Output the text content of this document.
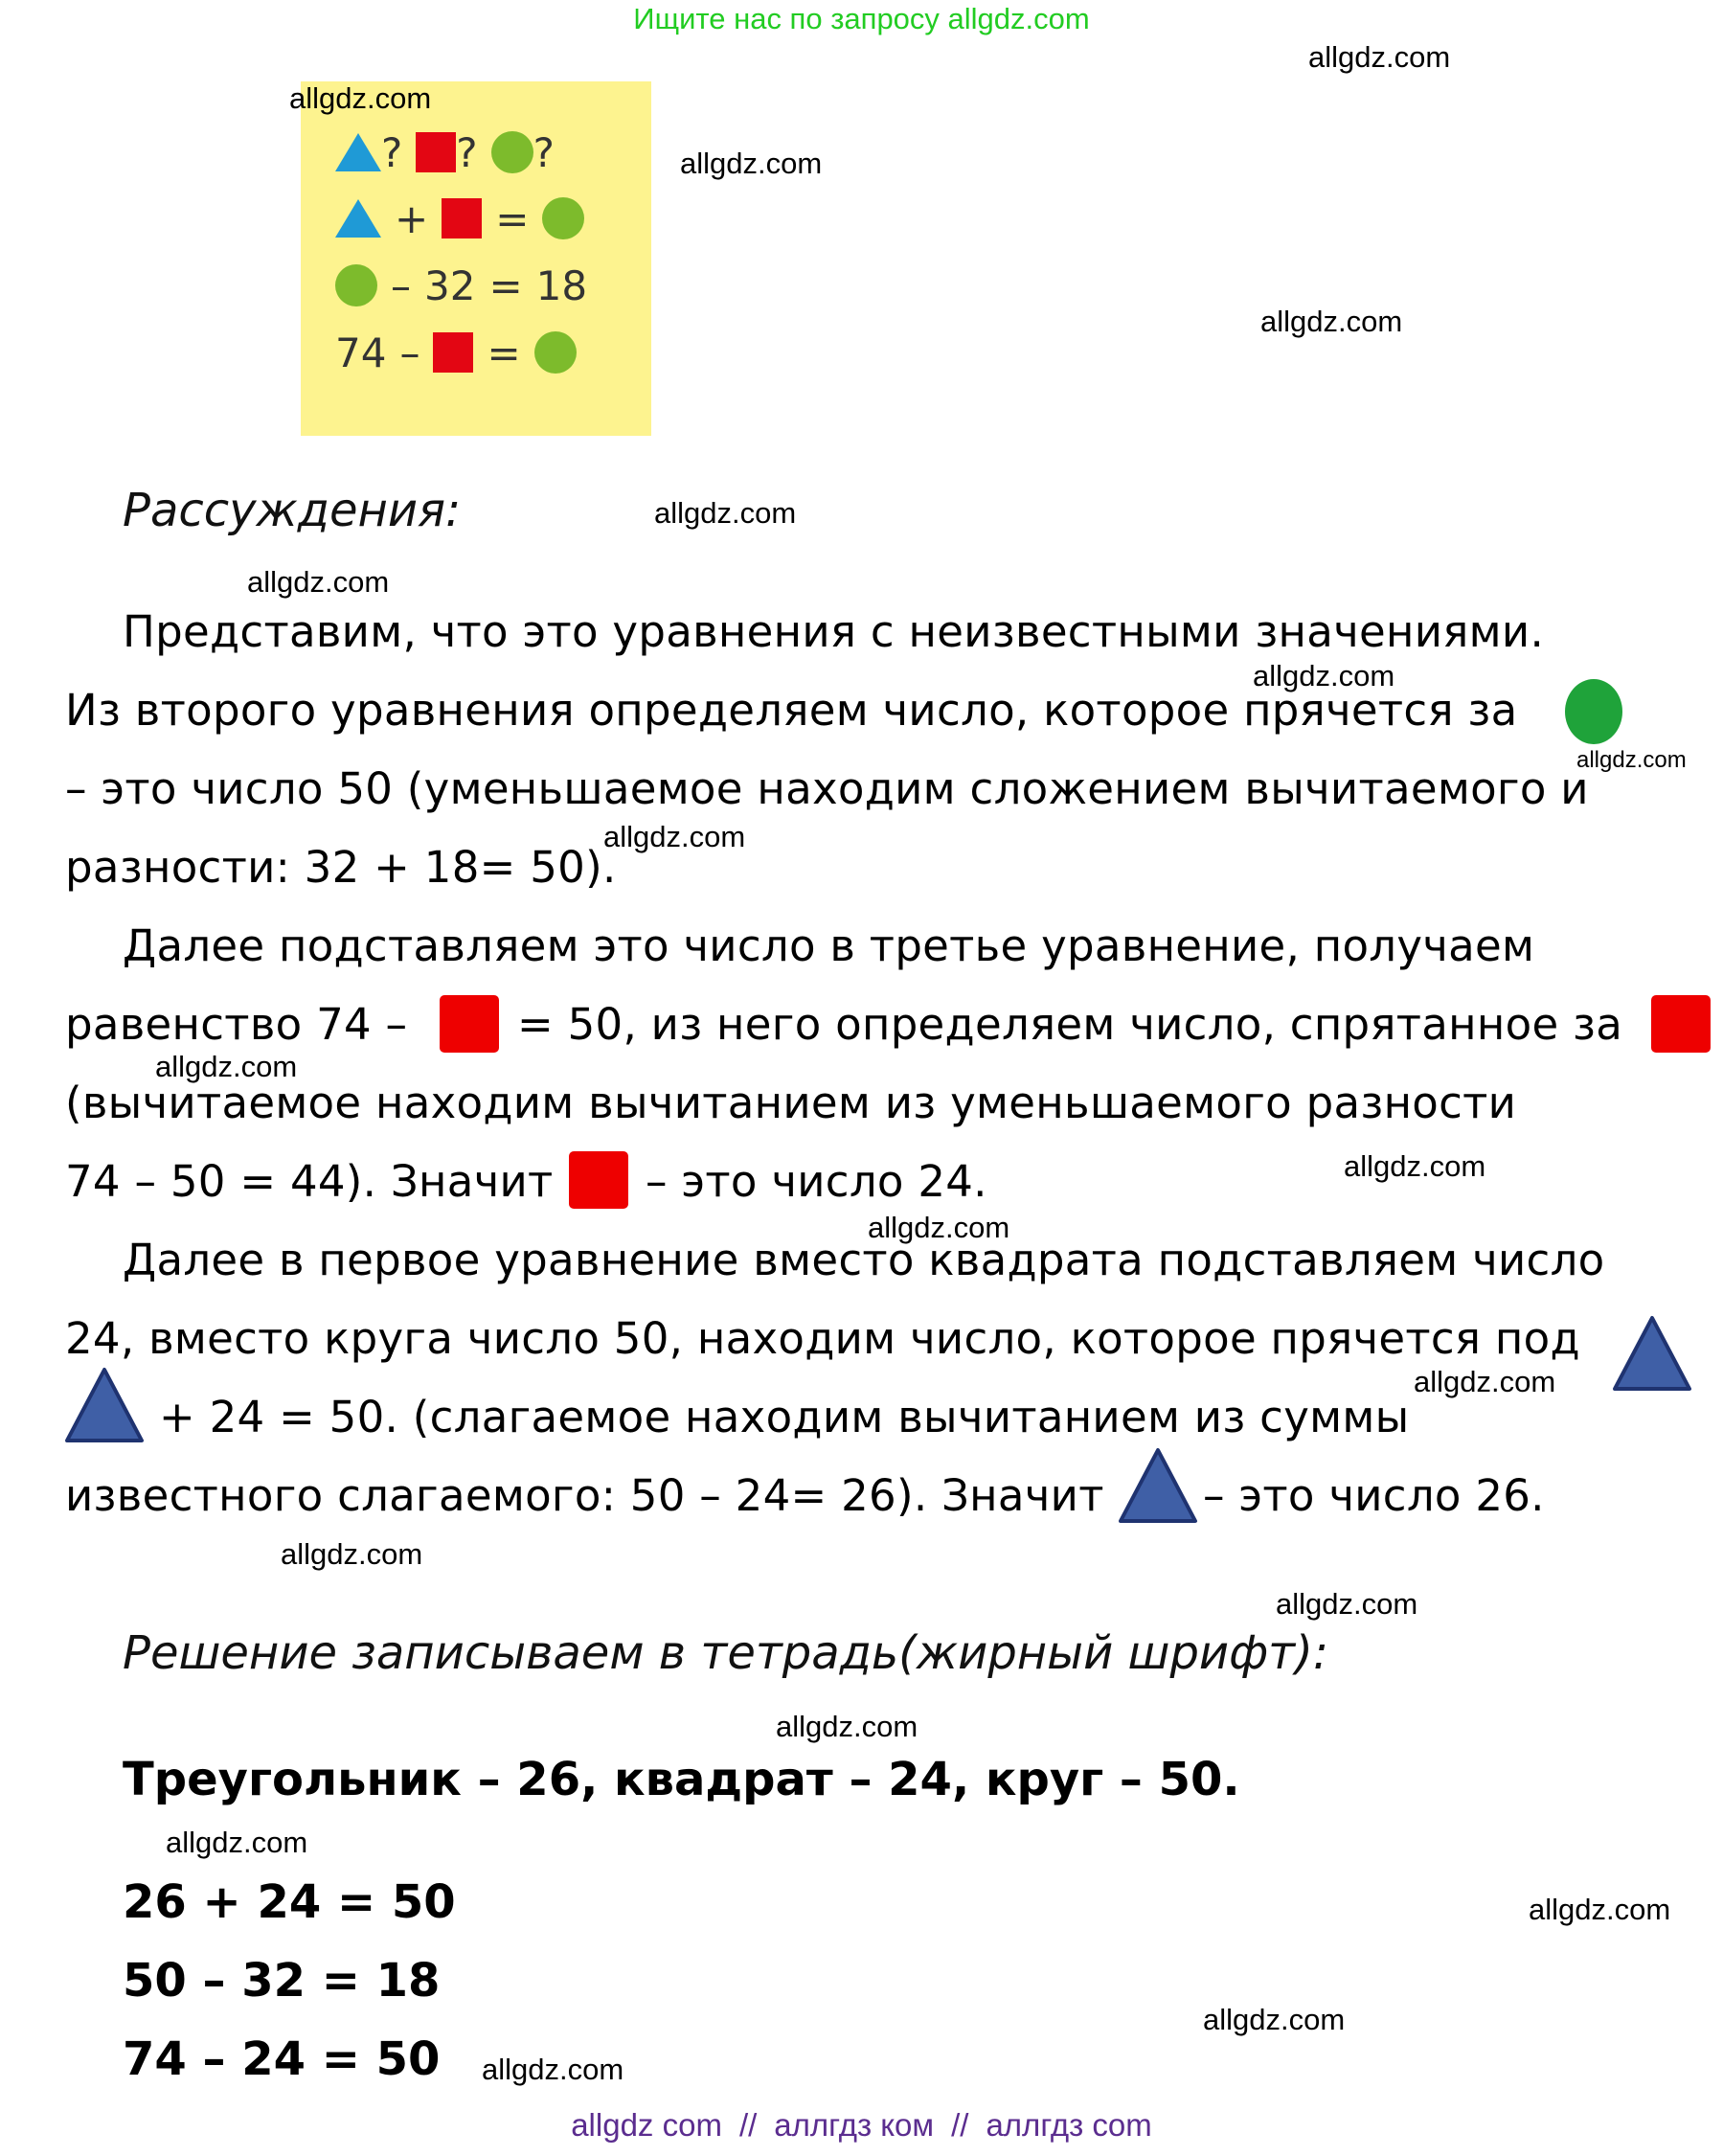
Ищите нас по запросу allgdz.com
allgdz.com
allgdz.com
allgdz.com
allgdz.com
allgdz.com
allgdz.com
allgdz.com
allgdz.com
allgdz.com
allgdz.com
allgdz.com
allgdz.com
allgdz.com
allgdz.com
allgdz.com
allgdz.com
allgdz.com
allgdz.com
allgdz.com
allgdz.com
? ? ?
+ =
– 32 = 18
74 – =
Рассуждения:
Представим, что это уравнения с неизвестными значениями.
Из второго уравнения определяем число, которое прячется за
– это число 50 (уменьшаемое находим сложением вычитаемого и
разности: 32 + 18= 50).
Далее подставляем это число в третье уравнение, получаем
равенство 74 –	= 50, из него определяем число, спрятанное за
(вычитаемое находим вычитанием из уменьшаемого разности
74 – 50 = 44). Значит – это число 24.
Далее в первое уравнение вместо квадрата подставляем число
24, вместо круга число 50, находим число, которое прячется под
+ 24 = 50. (слагаемое находим вычитанием из суммы
известного слагаемого: 50 – 24= 26). Значит – это число 26.
Решение записываем в тетрадь(жирный шрифт):
Треугольник – 26, квадрат – 24, круг – 50.
26 + 24 = 50
50 – 32 = 18
74 – 24 = 50
allgdz com // аллгдз ком // аллгдз com
